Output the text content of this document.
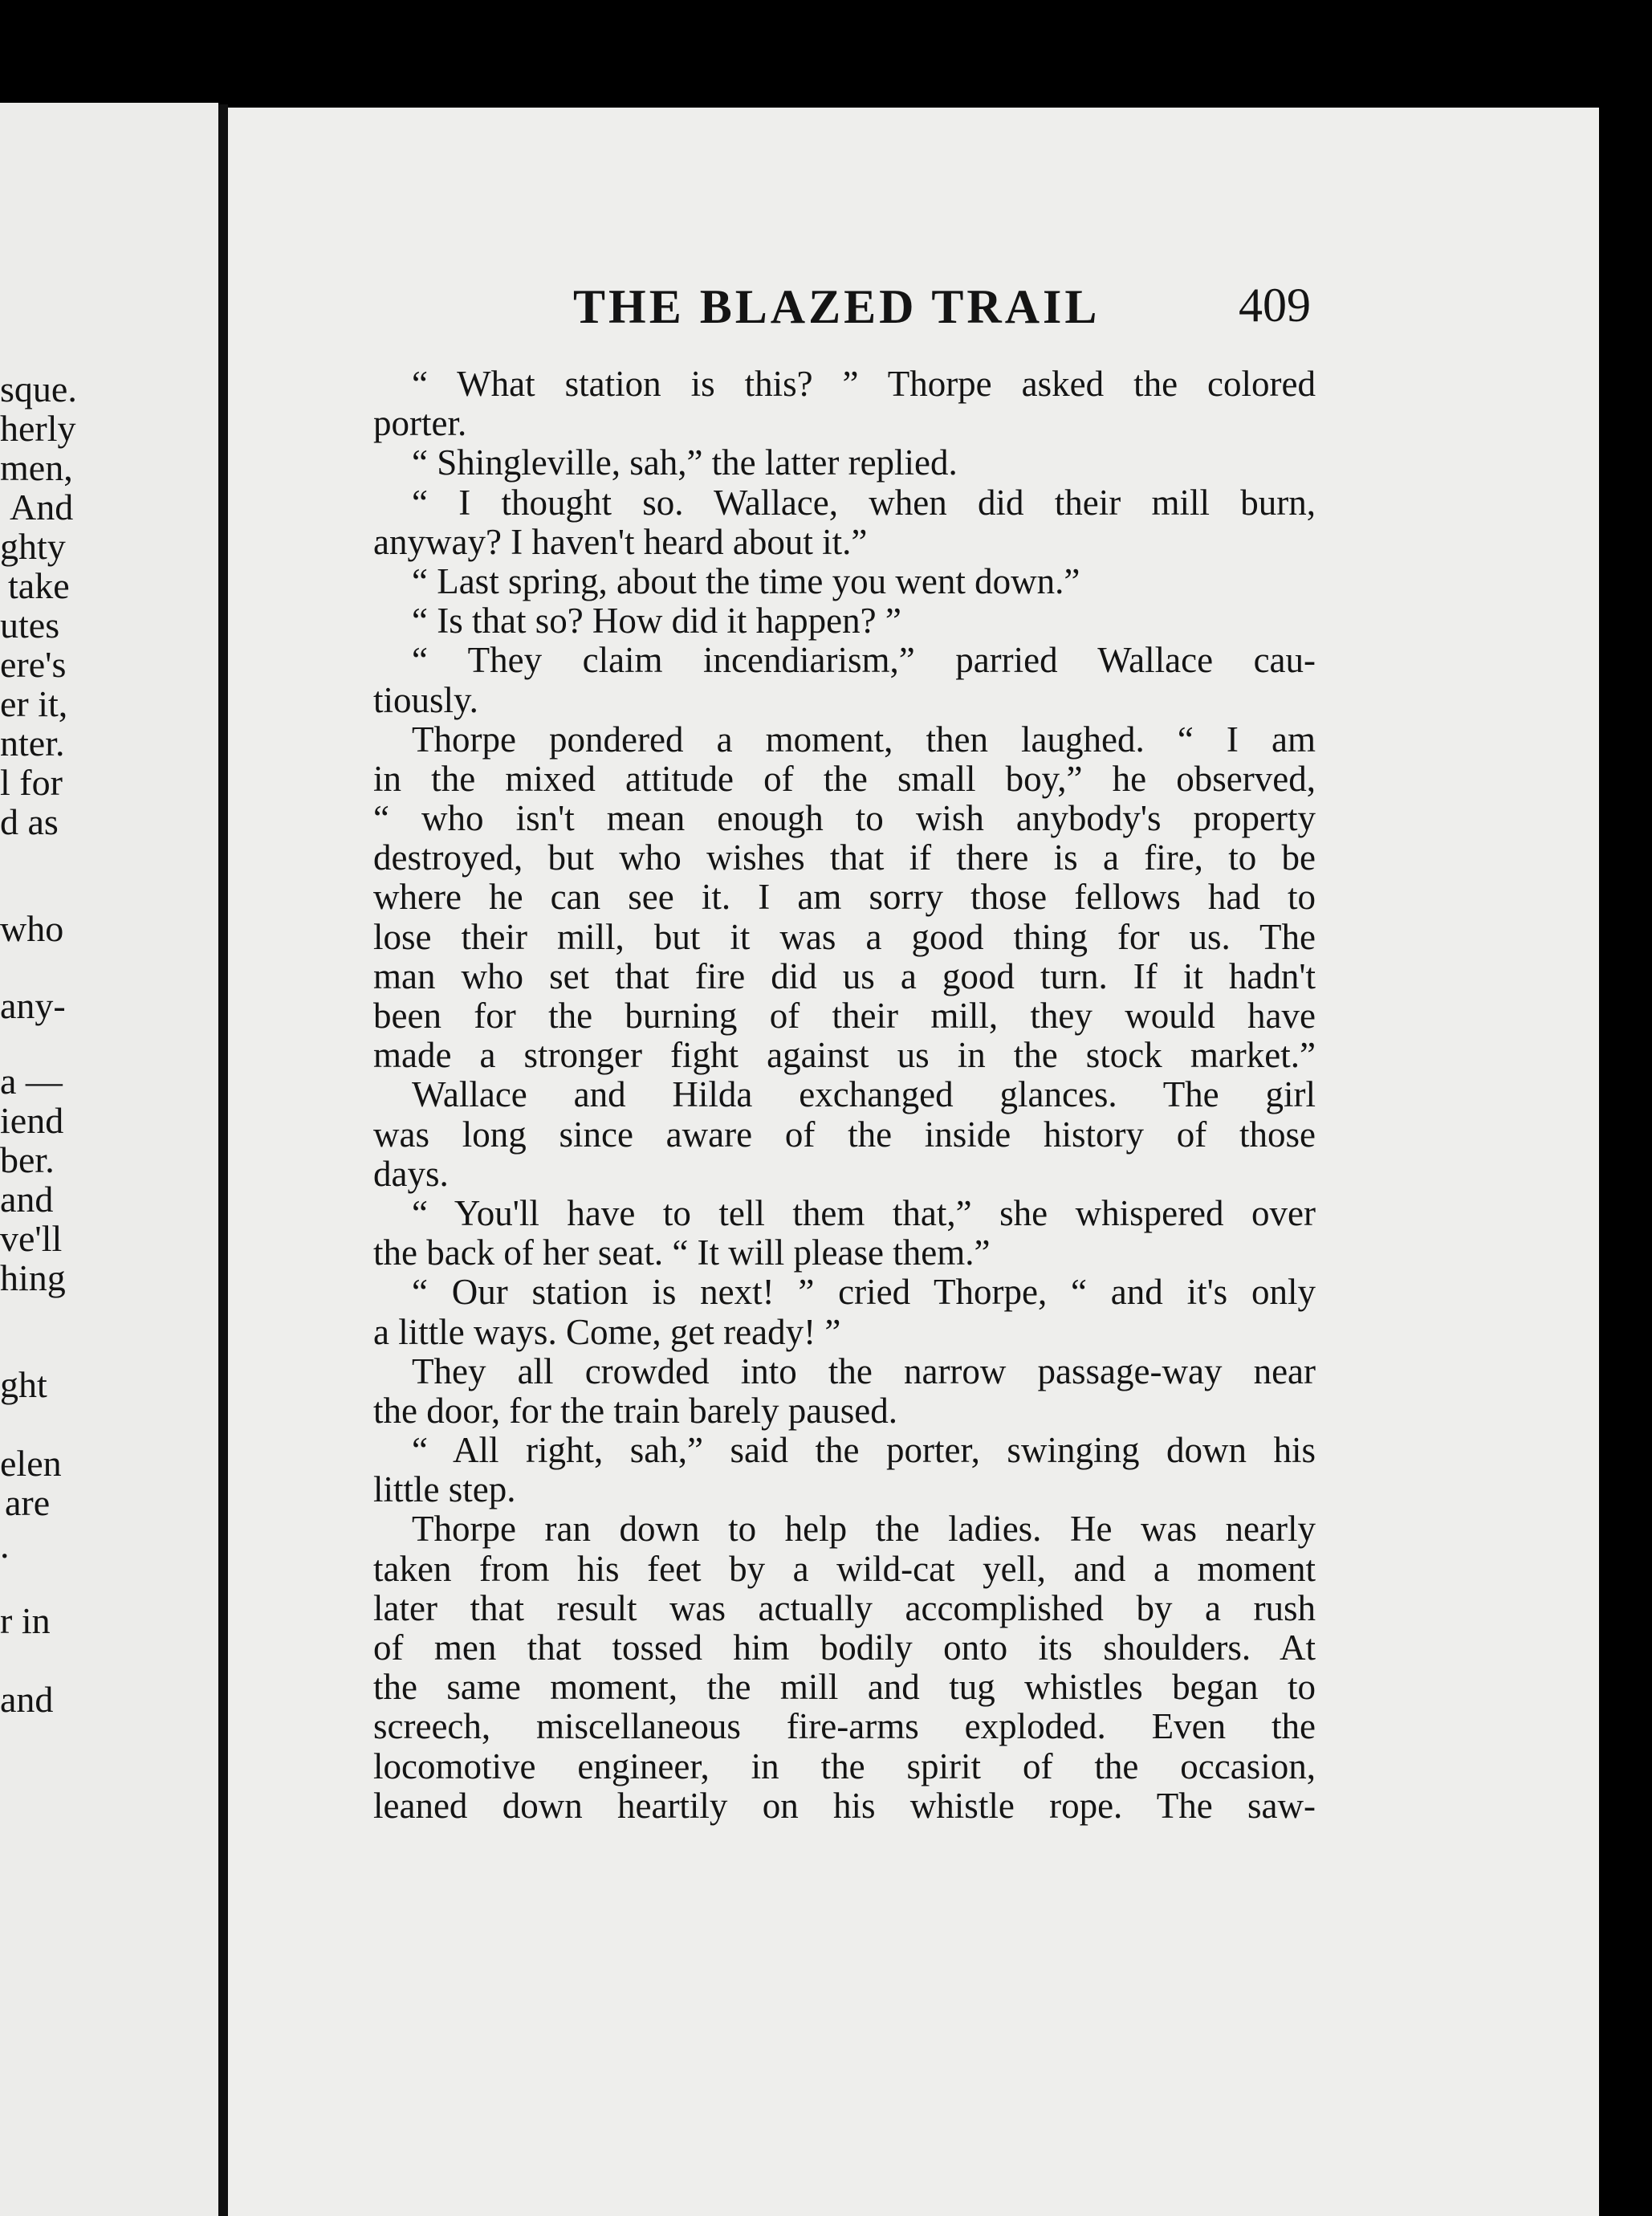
sque.
herly
men,
And
ghty
take
utes
ere's
er it,
nter.
l for
d as
who
any-
a —
iend
ber.
and
ve'll
hing
ght
elen
are
.
r in
and
THE BLAZED TRAIL	409
“ What station is this? ” Thorpe asked the colored
porter.
“ Shingleville, sah,” the latter replied.
“ I thought so. Wallace, when did their mill burn,
anyway? I haven't heard about it.”
“ Last spring, about the time you went down.”
“ Is that so? How did it happen? ”
“ They claim incendiarism,” parried Wallace cau-
tiously.
Thorpe pondered a moment, then laughed. “ I am
in the mixed attitude of the small boy,” he observed,
“ who isn't mean enough to wish anybody's property
destroyed, but who wishes that if there is a fire, to be
where he can see it. I am sorry those fellows had to
lose their mill, but it was a good thing for us. The
man who set that fire did us a good turn. If it hadn't
been for the burning of their mill, they would have
made a stronger fight against us in the stock market.”
Wallace and Hilda exchanged glances. The girl
was long since aware of the inside history of those
days.
“ You'll have to tell them that,” she whispered over
the back of her seat. “ It will please them.”
“ Our station is next! ” cried Thorpe, “ and it's only
a little ways. Come, get ready! ”
They all crowded into the narrow passage-way near
the door, for the train barely paused.
“ All right, sah,” said the porter, swinging down his
little step.
Thorpe ran down to help the ladies. He was nearly
taken from his feet by a wild-cat yell, and a moment
later that result was actually accomplished by a rush
of men that tossed him bodily onto its shoulders. At
the same moment, the mill and tug whistles began to
screech, miscellaneous fire-arms exploded. Even the
locomotive engineer, in the spirit of the occasion,
leaned down heartily on his whistle rope. The saw-
